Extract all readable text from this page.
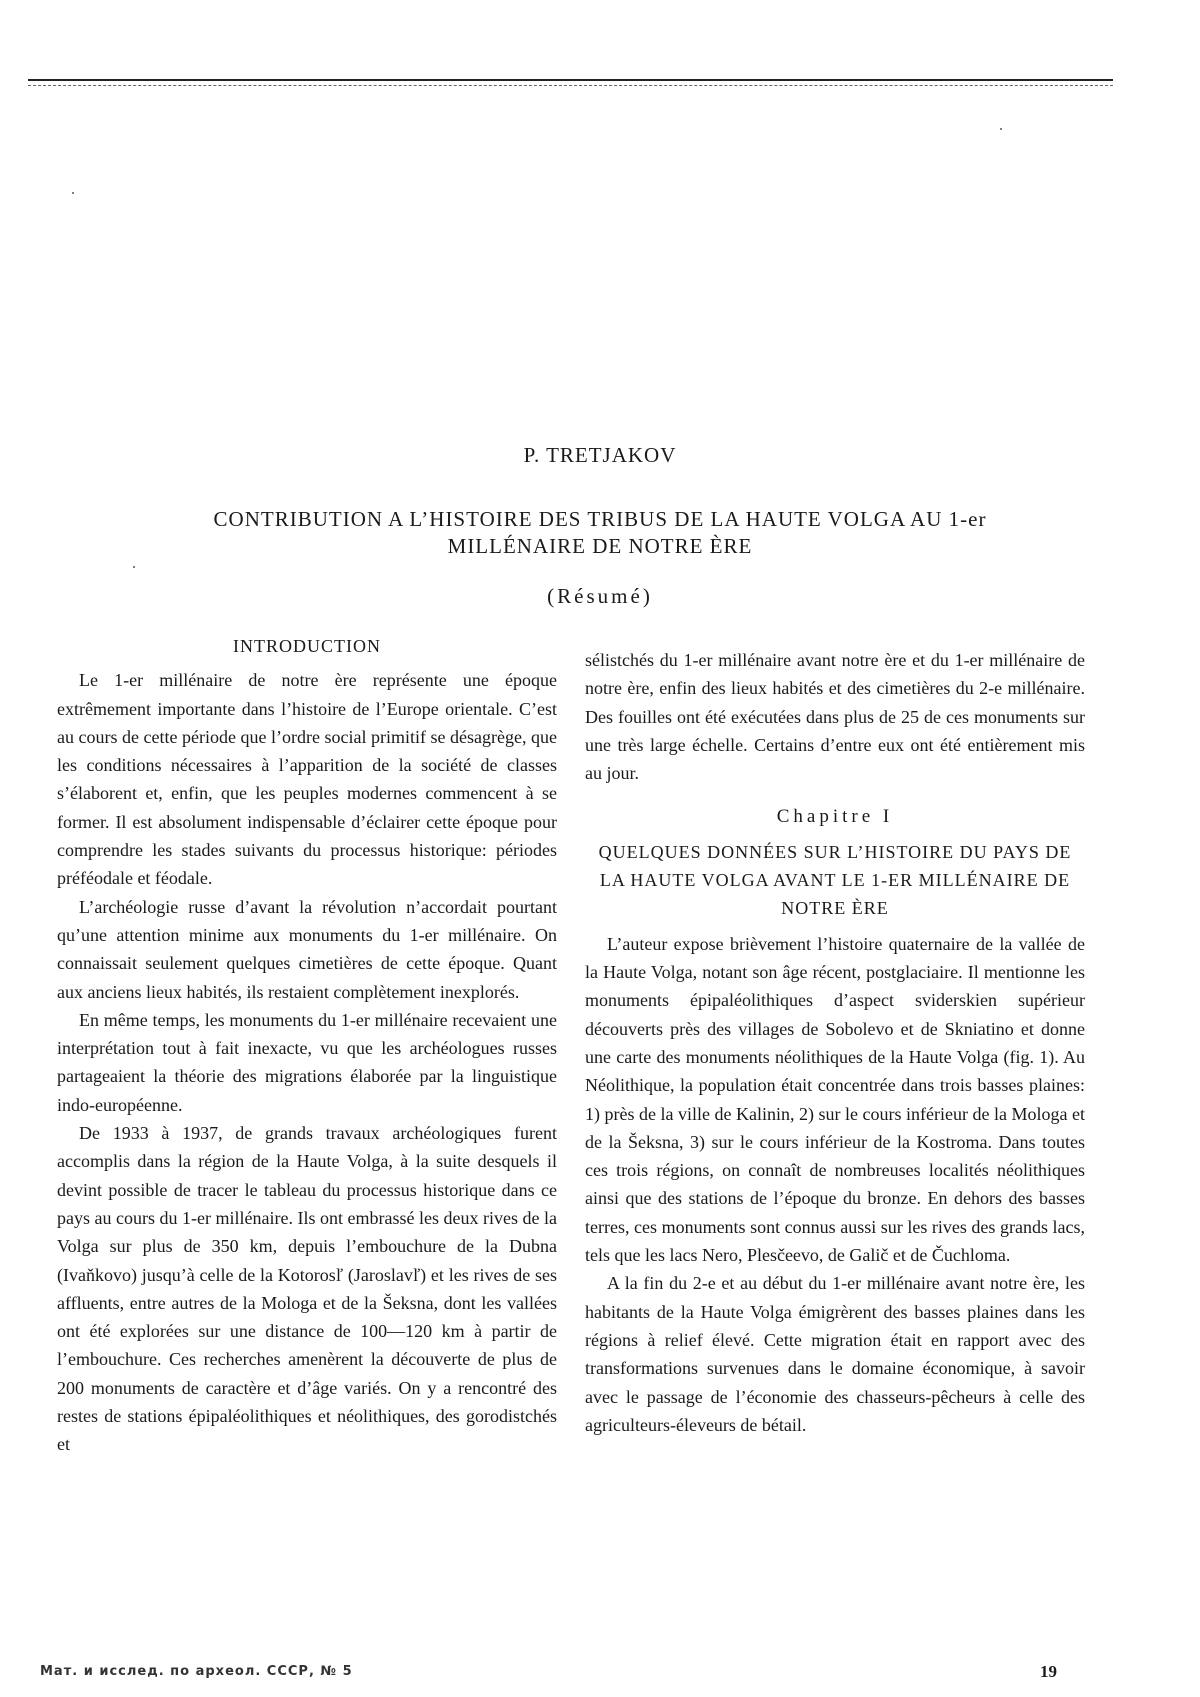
P. TRETJAKOV
CONTRIBUTION A L’HISTOIRE DES TRIBUS DE LA HAUTE VOLGA AU 1-er MILLÉNAIRE DE NOTRE ÈRE
(Résumé)
INTRODUCTION

Le 1-er millénaire de notre ère représente une époque extrêmement importante dans l’histoire de l’Europe orientale. C’est au cours de cette période que l’ordre social primitif se désagrège, que les conditions nécessaires à l’apparition de la société de classes s’élaborent et, enfin, que les peuples modernes commencent à se former. Il est absolument indispensable d’éclairer cette époque pour comprendre les stades suivants du processus historique: périodes préféodale et féodale.

L’archéologie russe d’avant la révolution n’accordait pourtant qu’une attention minime aux monuments du 1-er millénaire. On connaissait seulement quelques cimetières de cette époque. Quant aux anciens lieux habités, ils restaient complètement inexplorés.

En même temps, les monuments du 1-er millénaire recevaient une interprétation tout à fait inexacte, vu que les archéologues russes partageaient la théorie des migrations élaborée par la linguistique indo-européenne.

De 1933 à 1937, de grands travaux archéologiques furent accomplis dans la région de la Haute Volga, à la suite desquels il devint possible de tracer le tableau du processus historique dans ce pays au cours du 1-er millénaire. Ils ont embrassé les deux rives de la Volga sur plus de 350 km, depuis l’embouchure de la Dubna (Ivaňkovo) jusqu’à celle de la Kotorosľ (Jaroslavľ) et les rives de ses affluents, entre autres de la Mologa et de la Šeksna, dont les vallées ont été explorées sur une distance de 100—120 km à partir de l’embouchure. Ces recherches amenèrent la découverte de plus de 200 monuments de caractère et d’âge variés. On y a rencontré des restes de stations épipaléolithiques et néolithiques, des gorodistchés et

sélistchés du 1-er millénaire avant notre ère et du 1-er millénaire de notre ère, enfin des lieux habités et des cimetières du 2-e millénaire. Des fouilles ont été exécutées dans plus de 25 de ces monuments sur une très large échelle. Certains d’entre eux ont été entièrement mis au jour.

Chapitre I
QUELQUES DONNÉES SUR L’HISTOIRE DU PAYS DE LA HAUTE VOLGA AVANT LE 1-ER MILLÉNAIRE DE NOTRE ÈRE

L’auteur expose brièvement l’histoire quaternaire de la vallée de la Haute Volga, notant son âge récent, postglaciaire. Il mentionne les monuments épipaléolithiques d’aspect sviderskien supérieur découverts près des villages de Sobolevo et de Skniatino et donne une carte des monuments néolithiques de la Haute Volga (fig. 1). Au Néolithique, la population était concentrée dans trois basses plaines: 1) près de la ville de Kalinin, 2) sur le cours inférieur de la Mologa et de la Šeksna, 3) sur le cours inférieur de la Kostroma. Dans toutes ces trois régions, on connaît de nombreuses localités néolithiques ainsi que des stations de l’époque du bronze. En dehors des basses terres, ces monuments sont connus aussi sur les rives des grands lacs, tels que les lacs Nero, Plesčeevo, de Galič et de Čuchloma.

A la fin du 2-e et au début du 1-er millénaire avant notre ère, les habitants de la Haute Volga émigrèrent des basses plaines dans les régions à relief élevé. Cette migration était en rapport avec des transformations survenues dans le domaine économique, à savoir avec le passage de l’économie des chasseurs-pêcheurs à celle des agriculteurs-éleveurs de bétail.

Мат. и исслед. по археол. СССР, № 5	19
